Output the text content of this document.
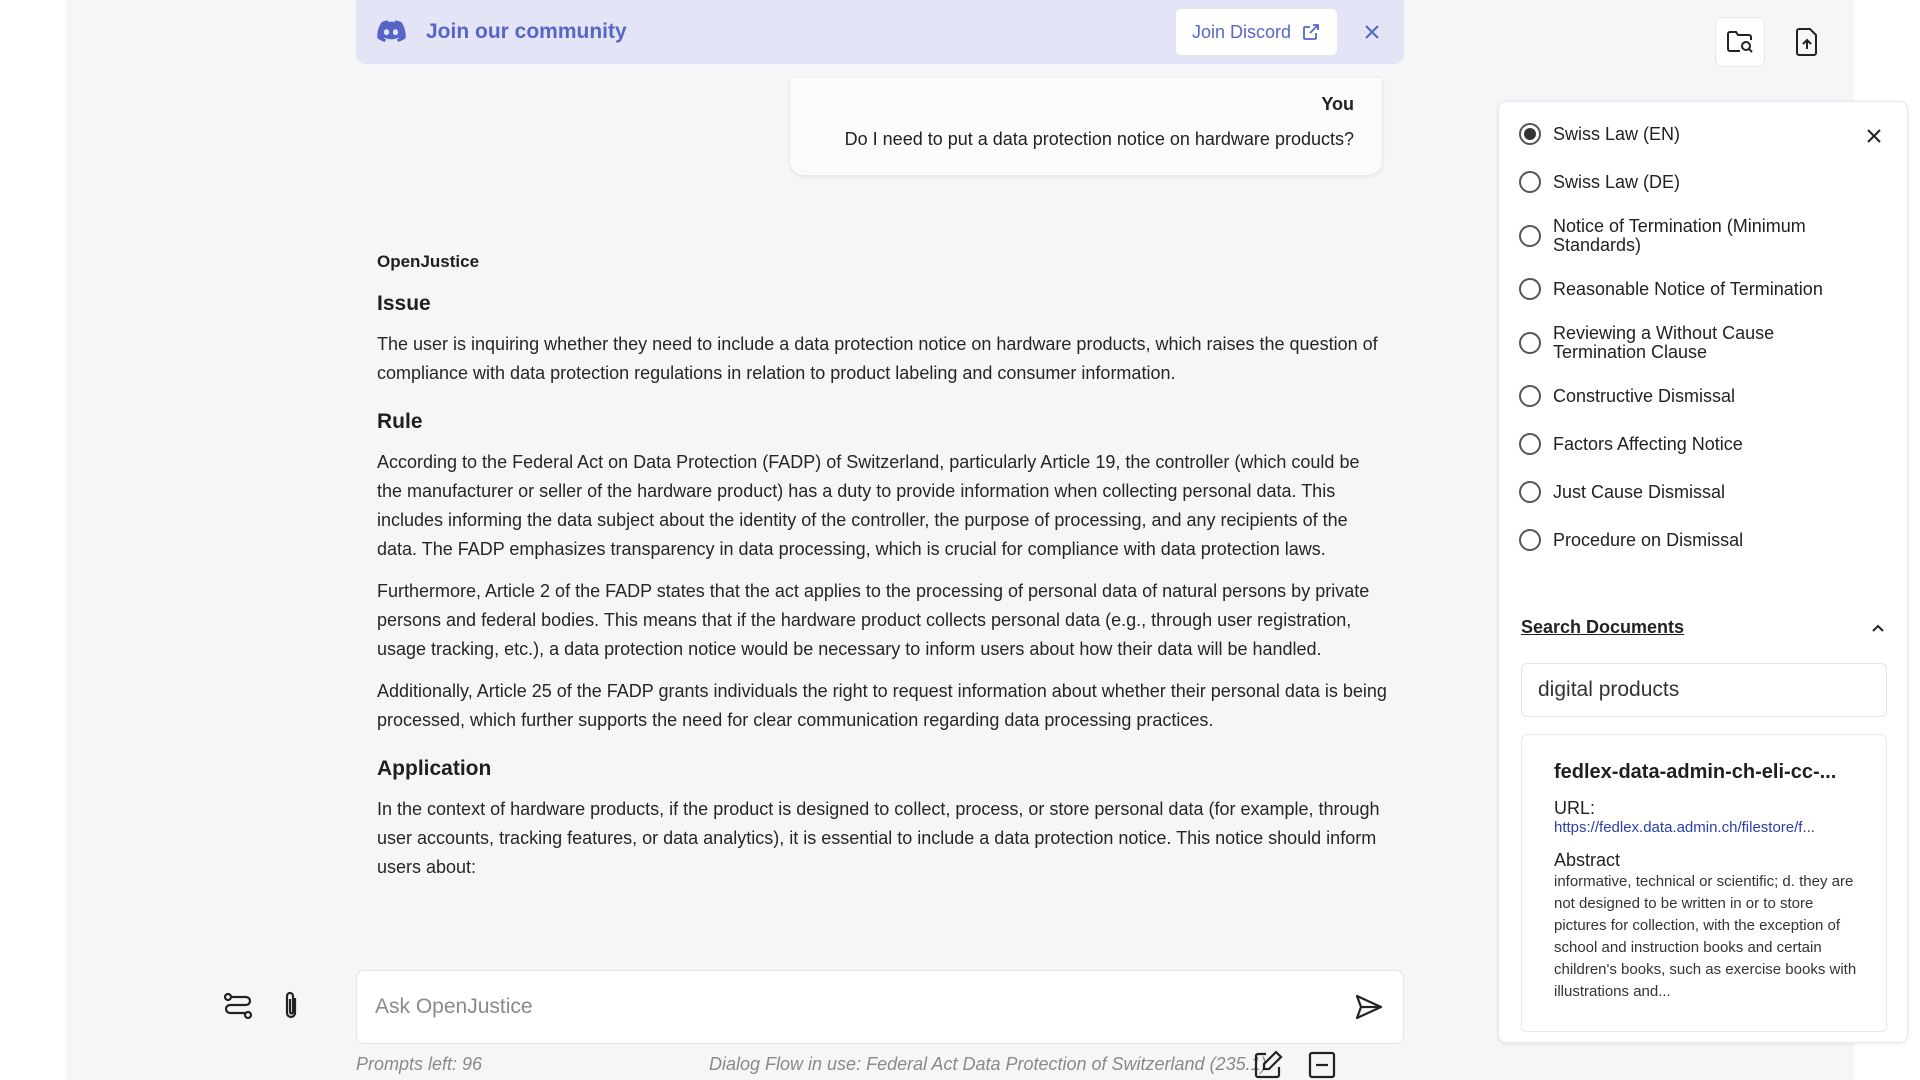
Join our community	Join Discord
You
Do I need to put a data protection notice on hardware products?
OpenJustice
Issue

The user is inquiring whether they need to include a data protection notice on hardware products, which raises the question of compliance with data protection regulations in relation to product labeling and consumer information.

Rule

According to the Federal Act on Data Protection (FADP) of Switzerland, particularly Article 19, the controller (which could be the manufacturer or seller of the hardware product) has a duty to provide information when collecting personal data. This includes informing the data subject about the identity of the controller, the purpose of processing, and any recipients of the data. The FADP emphasizes transparency in data processing, which is crucial for compliance with data protection laws.

Furthermore, Article 2 of the FADP states that the act applies to the processing of personal data of natural persons by private persons and federal bodies. This means that if the hardware product collects personal data (e.g., through user registration, usage tracking, etc.), a data protection notice would be necessary to inform users about how their data will be handled.

Additionally, Article 25 of the FADP grants individuals the right to request information about whether their personal data is being processed, which further supports the need for clear communication regarding data processing practices.

Application

In the context of hardware products, if the product is designed to collect, process, or store personal data (for example, through user accounts, tracking features, or data analytics), it is essential to include a data protection notice. This notice should inform users about:

Ask OpenJustice
Prompts left: 96	Dialog Flow in use: Federal Act Data Protection of Switzerland (235.1)
Swiss Law (EN)
Swiss Law (DE)
Notice of Termination (Minimum Standards)
Reasonable Notice of Termination
Reviewing a Without Cause Termination Clause
Constructive Dismissal
Factors Affecting Notice
Just Cause Dismissal
Procedure on Dismissal
Search Documents
digital products
fedlex-data-admin-ch-eli-cc-...
URL:
https://fedlex.data.admin.ch/filestore/f...
Abstract
informative, technical or scientific; d. they are not designed to be written in or to store pictures for collection, with the exception of school and instruction books and certain children's books, such as exercise books with illustrations and...
